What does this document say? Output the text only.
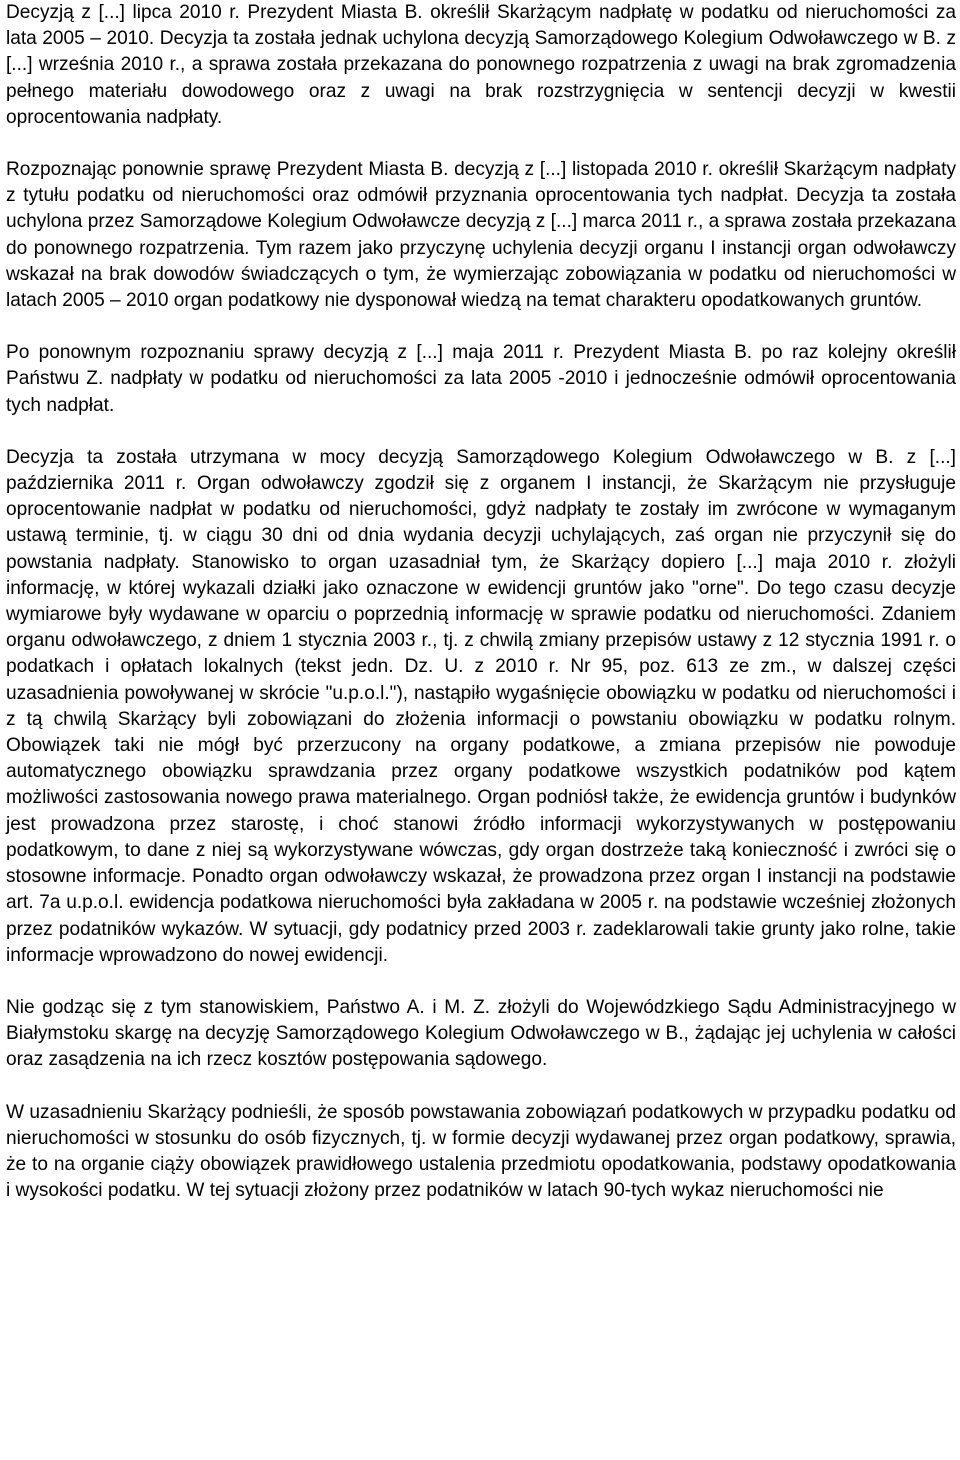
Decyzją z [...] lipca 2010 r. Prezydent Miasta B. określił Skarżącym nadpłatę w podatku od nieruchomości za lata 2005 – 2010. Decyzja ta została jednak uchylona decyzją Samorządowego Kolegium Odwoławczego w B. z [...] września 2010 r., a sprawa została przekazana do ponownego rozpatrzenia z uwagi na brak zgromadzenia pełnego materiału dowodowego oraz z uwagi na brak rozstrzygnięcia w sentencji decyzji w kwestii oprocentowania nadpłaty.

Rozpoznając ponownie sprawę Prezydent Miasta B. decyzją z [...] listopada 2010 r. określił Skarżącym nadpłaty z tytułu podatku od nieruchomości oraz odmówił przyznania oprocentowania tych nadpłat. Decyzja ta została uchylona przez Samorządowe Kolegium Odwoławcze decyzją z [...] marca 2011 r., a sprawa została przekazana do ponownego rozpatrzenia. Tym razem jako przyczynę uchylenia decyzji organu I instancji organ odwoławczy wskazał na brak dowodów świadczących o tym, że wymierzając zobowiązania w podatku od nieruchomości w latach 2005 – 2010 organ podatkowy nie dysponował wiedzą na temat charakteru opodatkowanych gruntów.

Po ponownym rozpoznaniu sprawy decyzją z [...] maja 2011 r. Prezydent Miasta B. po raz kolejny określił Państwu Z. nadpłaty w podatku od nieruchomości za lata 2005 -2010 i jednocześnie odmówił oprocentowania tych nadpłat.

Decyzja ta została utrzymana w mocy decyzją Samorządowego Kolegium Odwoławczego w B. z [...] października 2011 r. Organ odwoławczy zgodził się z organem I instancji, że Skarżącym nie przysługuje oprocentowanie nadpłat w podatku od nieruchomości, gdyż nadpłaty te zostały im zwrócone w wymaganym ustawą terminie, tj. w ciągu 30 dni od dnia wydania decyzji uchylających, zaś organ nie przyczynił się do powstania nadpłaty. Stanowisko to organ uzasadniał tym, że Skarżący dopiero [...] maja 2010 r. złożyli informację, w której wykazali działki jako oznaczone w ewidencji gruntów jako "orne". Do tego czasu decyzje wymiarowe były wydawane w oparciu o poprzednią informację w sprawie podatku od nieruchomości. Zdaniem organu odwoławczego, z dniem 1 stycznia 2003 r., tj. z chwilą zmiany przepisów ustawy z 12 stycznia 1991 r. o podatkach i opłatach lokalnych (tekst jedn. Dz. U. z 2010 r. Nr 95, poz. 613 ze zm., w dalszej części uzasadnienia powoływanej w skrócie "u.p.o.l."), nastąpiło wygaśnięcie obowiązku w podatku od nieruchomości i z tą chwilą Skarżący byli zobowiązani do złożenia informacji o powstaniu obowiązku w podatku rolnym. Obowiązek taki nie mógł być przerzucony na organy podatkowe, a zmiana przepisów nie powoduje automatycznego obowiązku sprawdzania przez organy podatkowe wszystkich podatników pod kątem możliwości zastosowania nowego prawa materialnego. Organ podniósł także, że ewidencja gruntów i budynków jest prowadzona przez starostę, i choć stanowi źródło informacji wykorzystywanych w postępowaniu podatkowym, to dane z niej są wykorzystywane wówczas, gdy organ dostrzeże taką konieczność i zwróci się o stosowne informacje. Ponadto organ odwoławczy wskazał, że prowadzona przez organ I instancji na podstawie art. 7a u.p.o.l. ewidencja podatkowa nieruchomości była zakładana w 2005 r. na podstawie wcześniej złożonych przez podatników wykazów. W sytuacji, gdy podatnicy przed 2003 r. zadeklarowali takie grunty jako rolne, takie informacje wprowadzono do nowej ewidencji.

Nie godząc się z tym stanowiskiem, Państwo A. i M. Z. złożyli do Wojewódzkiego Sądu Administracyjnego w Białymstoku skargę na decyzję Samorządowego Kolegium Odwoławczego w B., żądając jej uchylenia w całości oraz zasądzenia na ich rzecz kosztów postępowania sądowego.

W uzasadnieniu Skarżący podnieśli, że sposób powstawania zobowiązań podatkowych w przypadku podatku od nieruchomości w stosunku do osób fizycznych, tj. w formie decyzji wydawanej przez organ podatkowy, sprawia, że to na organie ciąży obowiązek prawidłowego ustalenia przedmiotu opodatkowania, podstawy opodatkowania i wysokości podatku. W tej sytuacji złożony przez podatników w latach 90-tych wykaz nieruchomości nie
